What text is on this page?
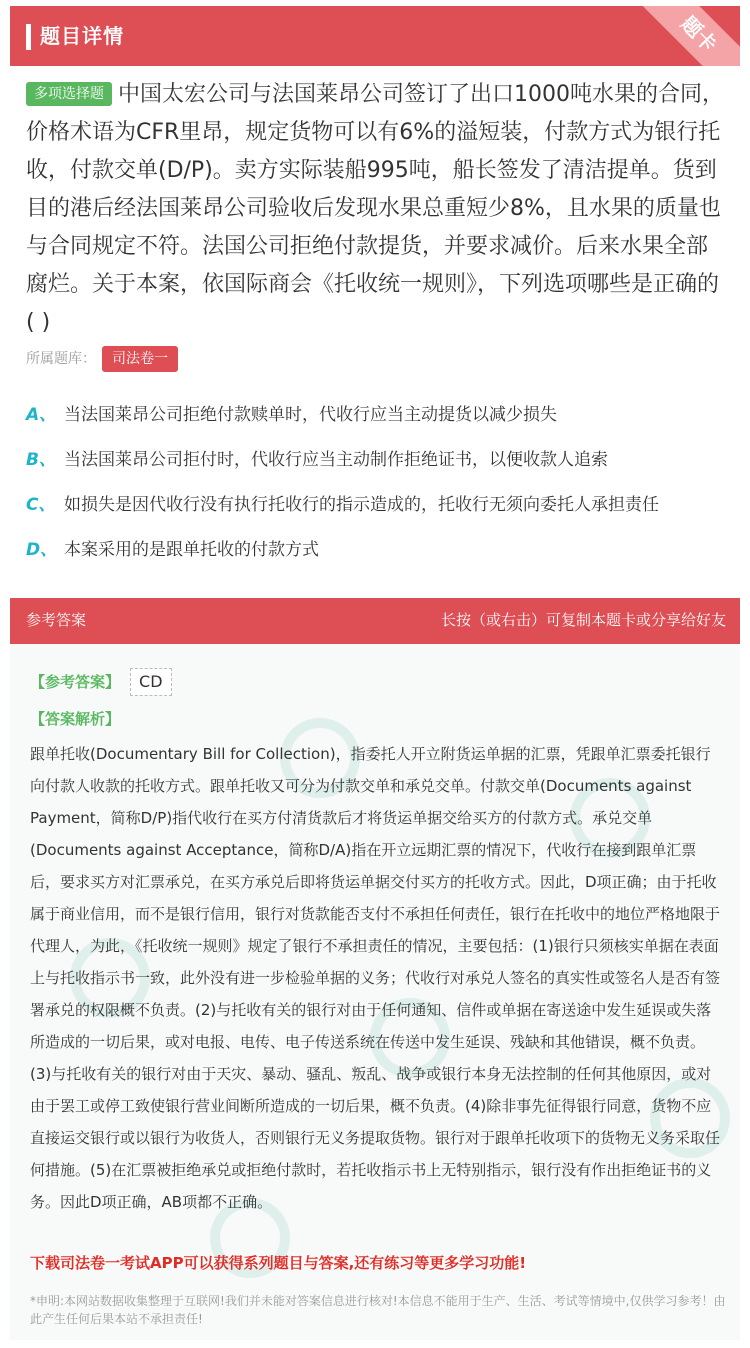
题目详情	题卡
多项选择题 中国太宏公司与法国莱昂公司签订了出口1000吨水果的合同，价格术语为CFR里昂，规定货物可以有6%的溢短装，付款方式为银行托收，付款交单(D/P)。卖方实际装船995吨，船长签发了清洁提单。货到目的港后经法国莱昂公司验收后发现水果总重短少8%，且水果的质量也与合同规定不符。法国公司拒绝付款提货，并要求减价。后来水果全部腐烂。关于本案，依国际商会《托收统一规则》，下列选项哪些是正确的( )
所属题库： 司法卷一
A、 当法国莱昂公司拒绝付款赎单时，代收行应当主动提货以减少损失
B、 当法国莱昂公司拒付时，代收行应当主动制作拒绝证书，以便收款人追索
C、 如损失是因代收行没有执行托收行的指示造成的，托收行无须向委托人承担责任
D、 本案采用的是跟单托收的付款方式
参考答案	长按（或右击）可复制本题卡或分享给好友
【参考答案】 CD
【答案解析】
跟单托收(Documentary Bill for Collection)，指委托人开立附货运单据的汇票，凭跟单汇票委托银行向付款人收款的托收方式。跟单托收又可分为付款交单和承兑交单。付款交单(Documents against Payment，简称D/P)指代收行在买方付清货款后才将货运单据交给买方的付款方式。承兑交单 (Documents against Acceptance，简称D/A)指在开立远期汇票的情况下，代收行在接到跟单汇票后，要求买方对汇票承兑，在买方承兑后即将货运单据交付买方的托收方式。因此，D项正确；由于托收属于商业信用，而不是银行信用，银行对货款能否支付不承担任何责任，银行在托收中的地位严格地限于代理人，为此，《托收统一规则》规定了银行不承担责任的情况，主要包括：(1)银行只须核实单据在表面上与托收指示书一致，此外没有进一步检验单据的义务；代收行对承兑人签名的真实性或签名人是否有签署承兑的权限概不负责。(2)与托收有关的银行对由于任何通知、信件或单据在寄送途中发生延误或失落所造成的一切后果，或对电报、电传、电子传送系统在传送中发生延误、残缺和其他错误，概不负责。(3)与托收有关的银行对由于天灾、暴动、骚乱、叛乱、战争或银行本身无法控制的任何其他原因，或对由于罢工或停工致使银行营业间断所造成的一切后果，概不负责。(4)除非事先征得银行同意，货物不应直接运交银行或以银行为收货人，否则银行无义务提取货物。银行对于跟单托收项下的货物无义务采取任何措施。(5)在汇票被拒绝承兑或拒绝付款时，若托收指示书上无特别指示，银行没有作出拒绝证书的义务。因此D项正确，AB项都不正确。
下载司法卷一考试APP可以获得系列题目与答案,还有练习等更多学习功能!
*申明:本网站数据收集整理于互联网!我们并未能对答案信息进行核对!本信息不能用于生产、生活、考试等情境中,仅供学习参考！由此产生任何后果本站不承担责任!
